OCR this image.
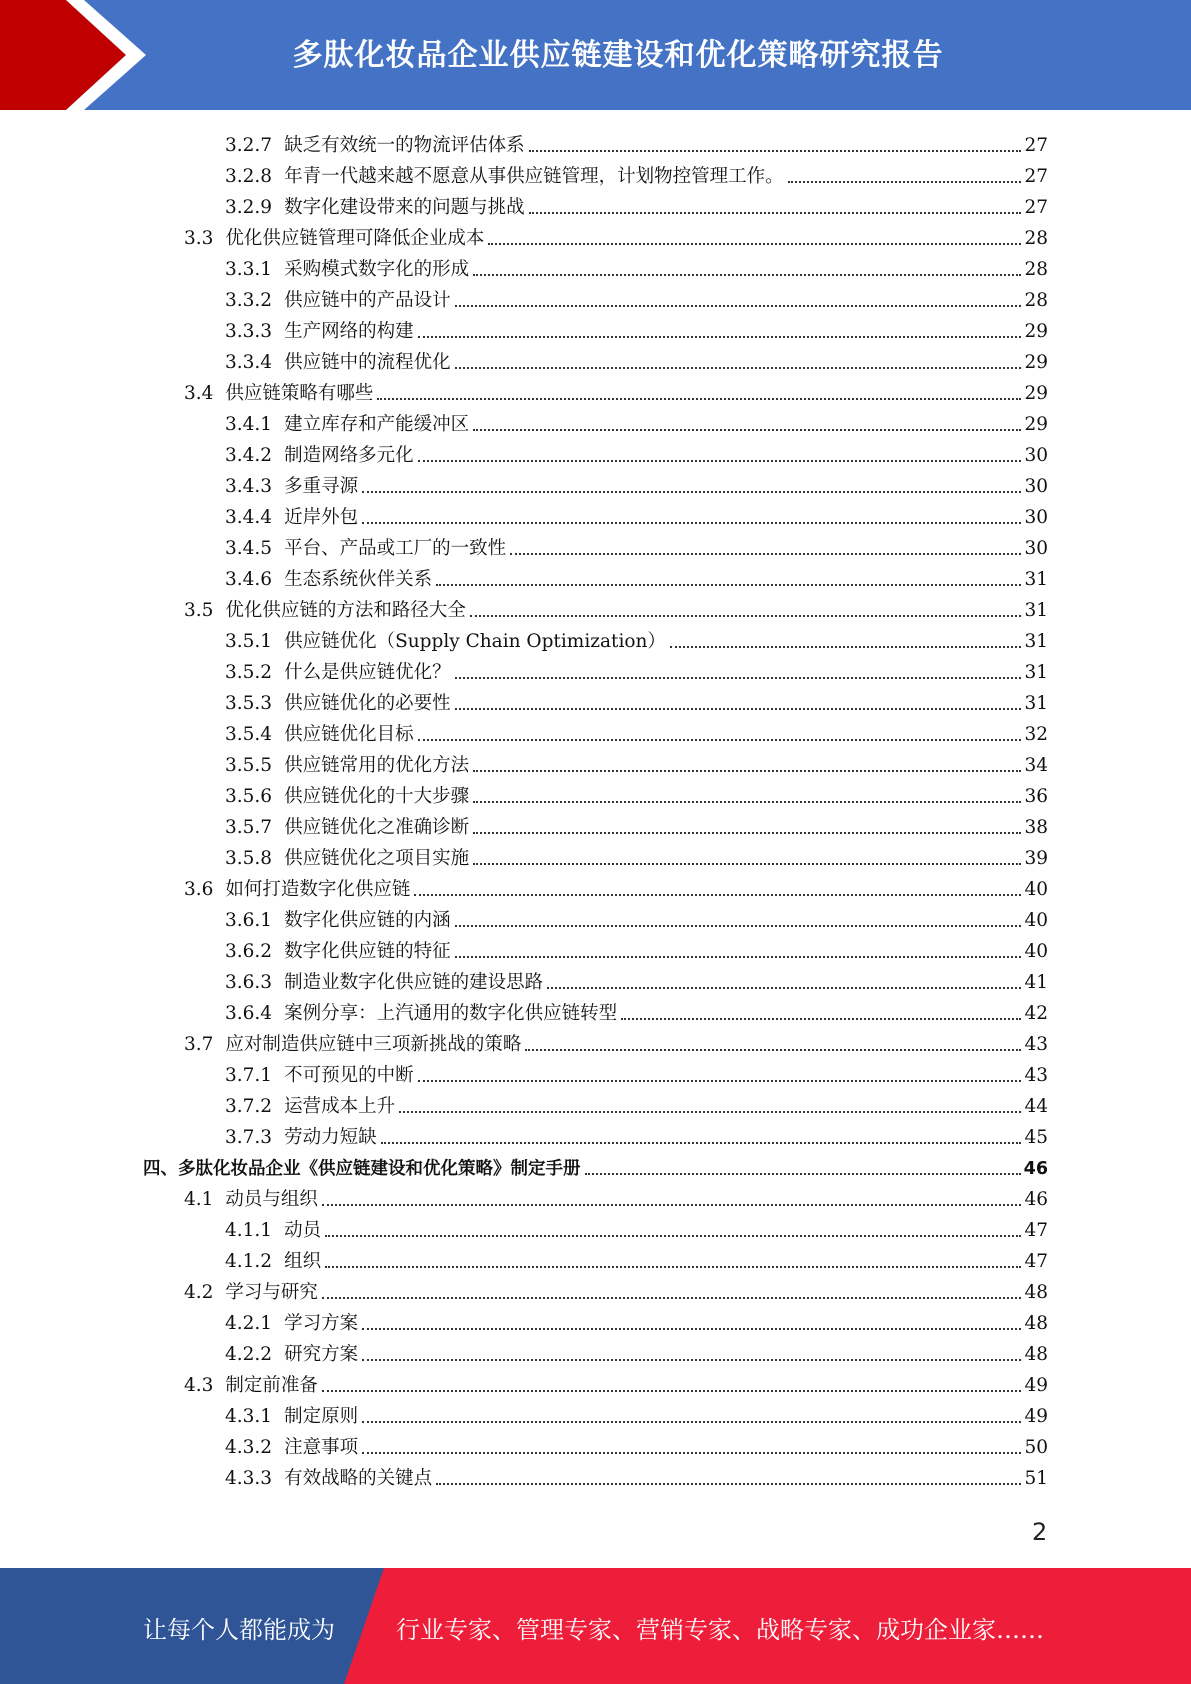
多肽化妆品企业供应链建设和优化策略研究报告
3.2.7 缺乏有效统一的物流评估体系	27
3.2.8 年青一代越来越不愿意从事供应链管理，计划物控管理工作。	27
3.2.9 数字化建设带来的问题与挑战	27
3.3 优化供应链管理可降低企业成本	28
3.3.1 采购模式数字化的形成	28
3.3.2 供应链中的产品设计	28
3.3.3 生产网络的构建	29
3.3.4 供应链中的流程优化	29
3.4 供应链策略有哪些	29
3.4.1 建立库存和产能缓冲区	29
3.4.2 制造网络多元化	30
3.4.3 多重寻源	30
3.4.4 近岸外包	30
3.4.5 平台、产品或工厂的一致性	30
3.4.6 生态系统伙伴关系	31
3.5 优化供应链的方法和路径大全	31
3.5.1 供应链优化（Supply Chain Optimization）	31
3.5.2 什么是供应链优化？	31
3.5.3 供应链优化的必要性	31
3.5.4 供应链优化目标	32
3.5.5 供应链常用的优化方法	34
3.5.6 供应链优化的十大步骤	36
3.5.7 供应链优化之准确诊断	38
3.5.8 供应链优化之项目实施	39
3.6 如何打造数字化供应链	40
3.6.1 数字化供应链的内涵	40
3.6.2 数字化供应链的特征	40
3.6.3 制造业数字化供应链的建设思路	41
3.6.4 案例分享：上汽通用的数字化供应链转型	42
3.7 应对制造供应链中三项新挑战的策略	43
3.7.1 不可预见的中断	43
3.7.2 运营成本上升	44
3.7.3 劳动力短缺	45
四、 多肽化妆品企业《供应链建设和优化策略》制定手册	46
4.1 动员与组织	46
4.1.1 动员	47
4.1.2 组织	47
4.2 学习与研究	48
4.2.1 学习方案	48
4.2.2 研究方案	48
4.3 制定前准备	49
4.3.1 制定原则	49
4.3.2 注意事项	50
4.3.3 有效战略的关键点	51
2
让每个人都能成为	行业专家、管理专家、营销专家、战略专家、成功企业家……
